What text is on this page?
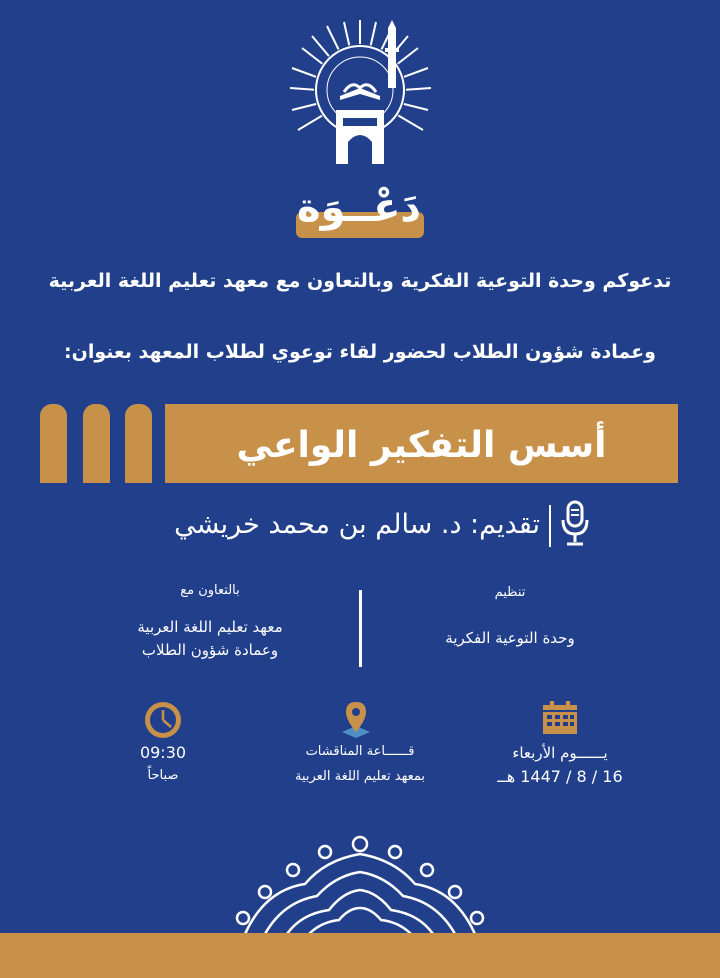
دَعْــوَة
تدعوكم وحدة التوعية الفكرية وبالتعاون مع معهد تعليم اللغة العربية
وعمادة شؤون الطلاب لحضور لقاء توعوي لطلاب المعهد بعنوان:
أسس التفكير الواعي
تقديم: د. سالم بن محمد خريشي
تنظيم
وحدة التوعية الفكرية
بالتعاون مع
معهد تعليم اللغة العربية
وعمادة شؤون الطلاب
يــــــوم الأربعاء
16 / 8 / 1447 هــ
قــــــاعة المناقشات
بمعهد تعليم اللغة العربية
09:30
صباحاً
